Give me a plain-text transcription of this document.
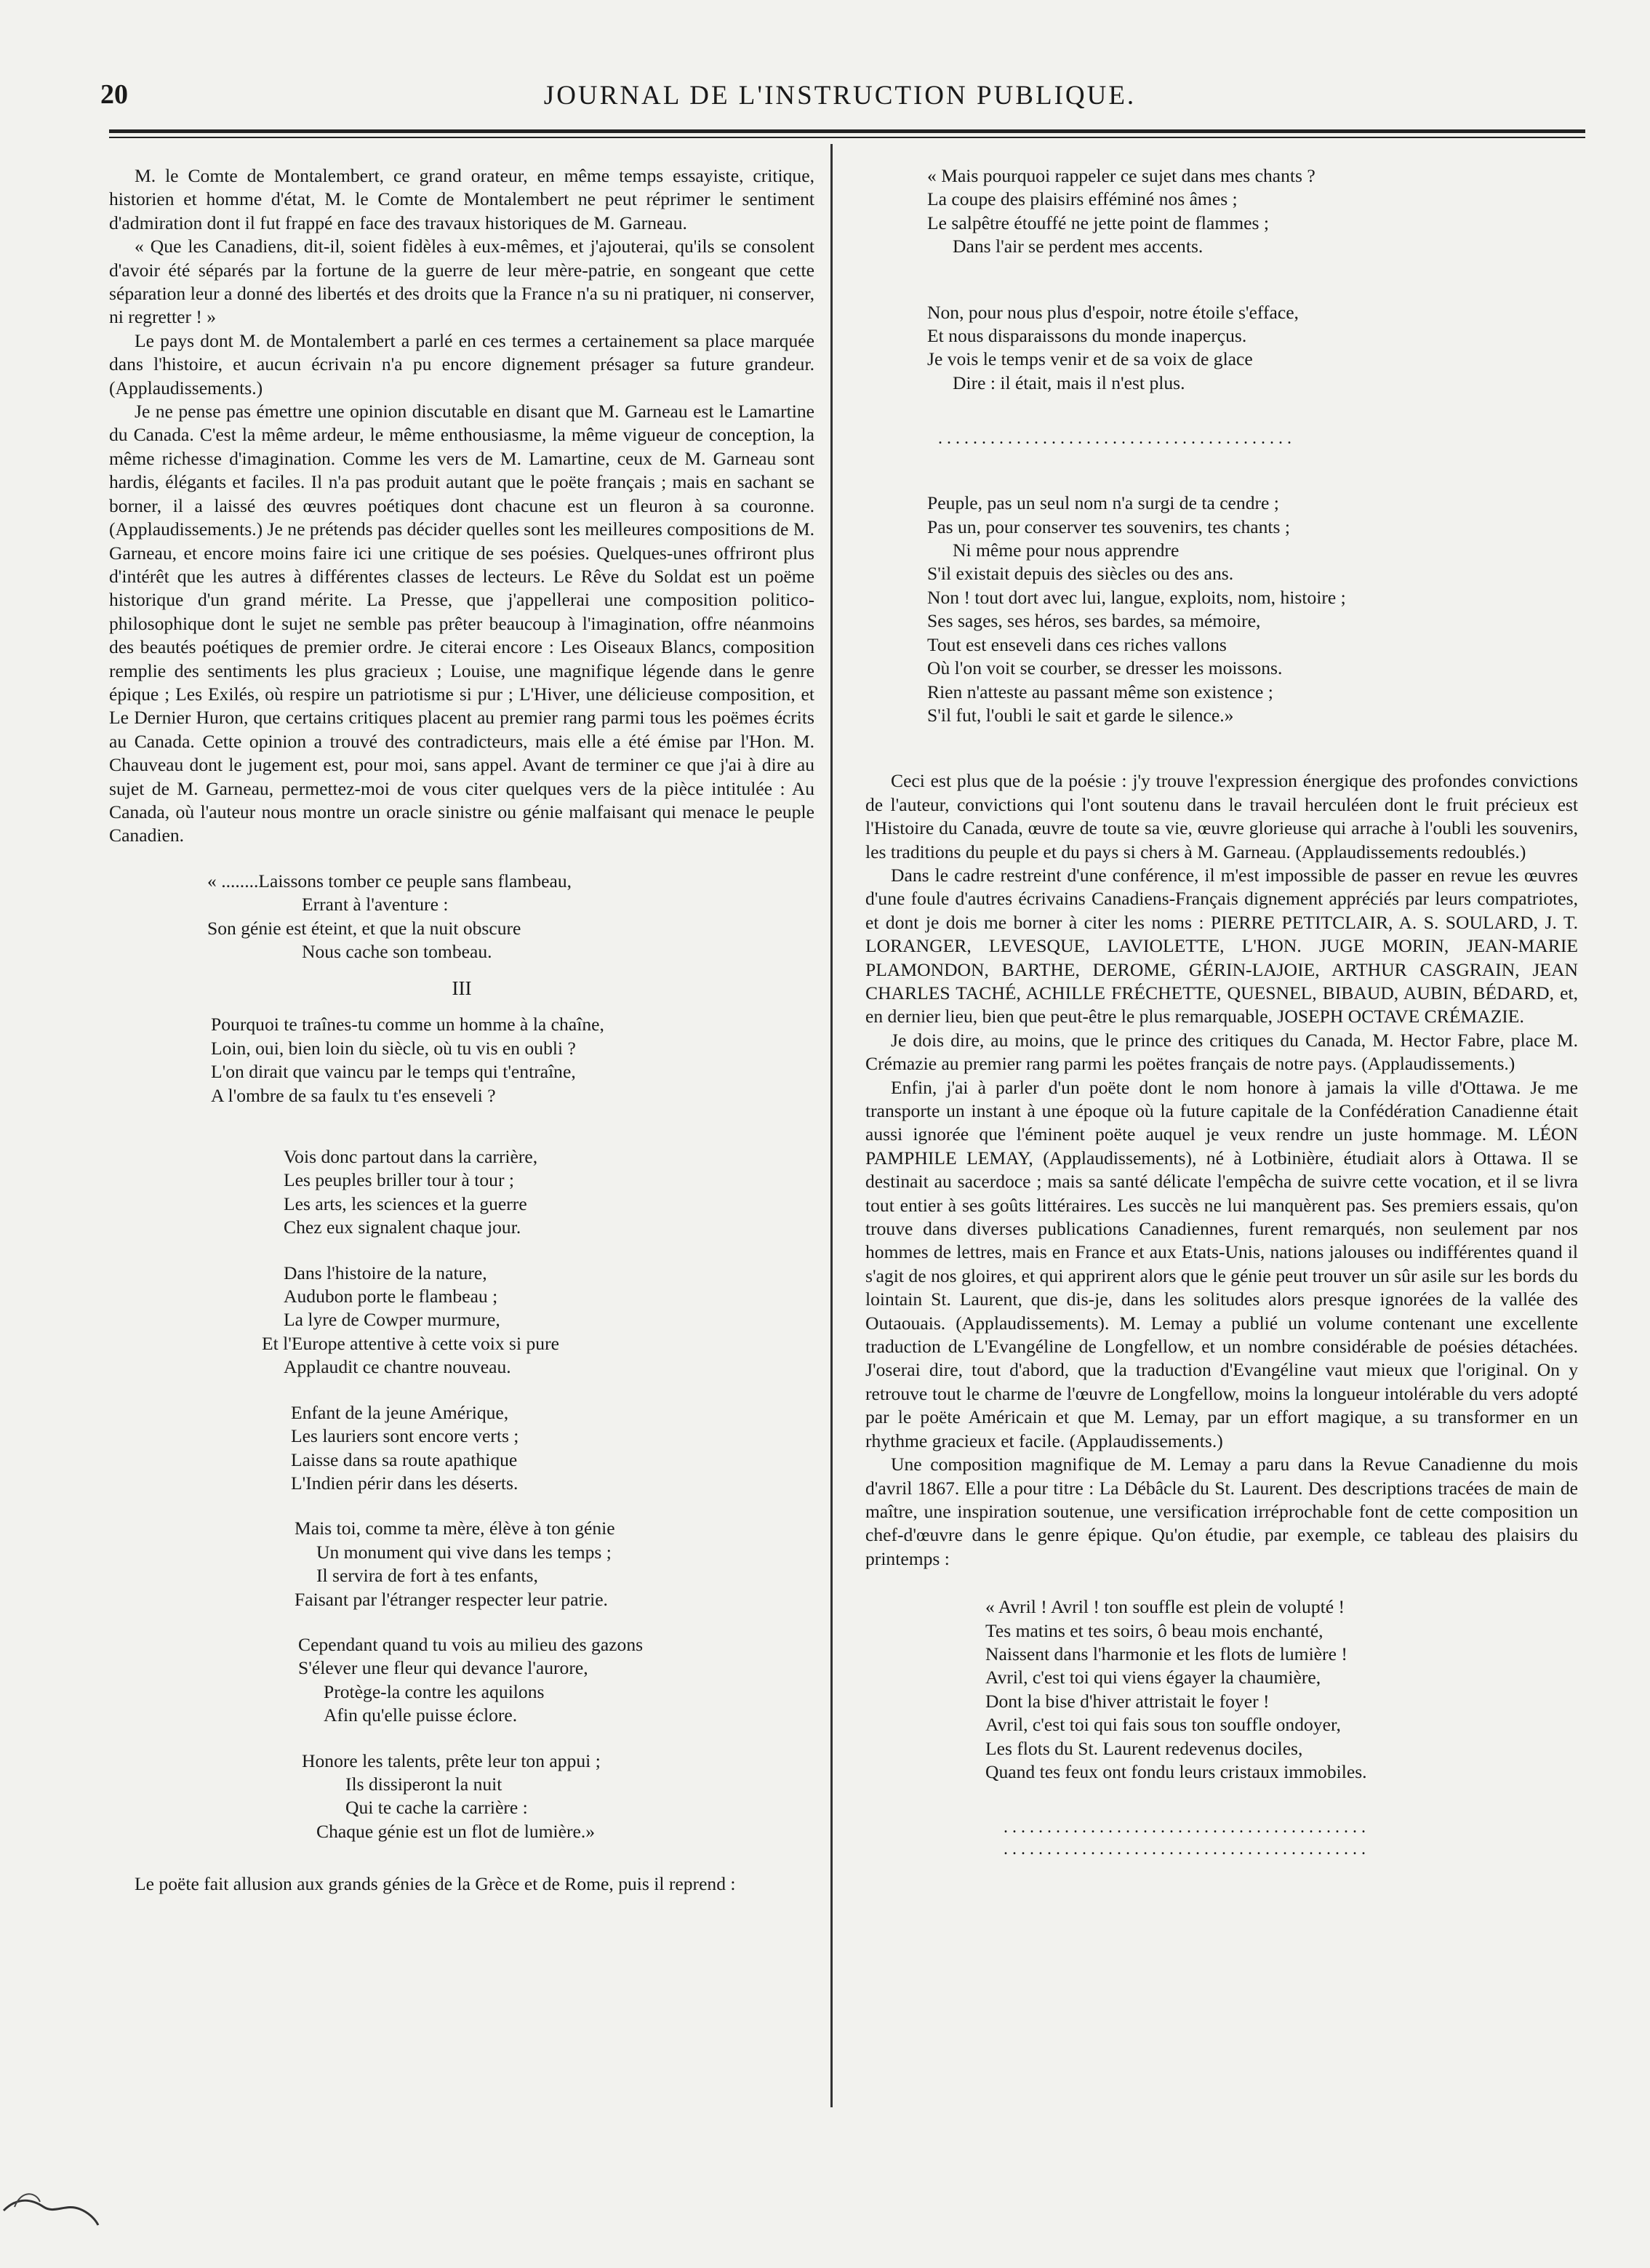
20	JOURNAL DE L'INSTRUCTION PUBLIQUE.

M. le Comte de Montalembert, ce grand orateur, en même temps essayiste, critique, historien et homme d'état, M. le Comte de Montalembert ne peut réprimer le sentiment d'admiration dont il fut frappé en face des travaux historiques de M. Garneau.

« Que les Canadiens, dit-il, soient fidèles à eux-mêmes, et j'ajouterai, qu'ils se consolent d'avoir été séparés par la fortune de la guerre de leur mère-patrie, en songeant que cette séparation leur a donné des libertés et des droits que la France n'a su ni pratiquer, ni conserver, ni regretter ! »

Le pays dont M. de Montalembert a parlé en ces termes a certainement sa place marquée dans l'histoire, et aucun écrivain n'a pu encore dignement présager sa future grandeur. (Applaudissements.)

Je ne pense pas émettre une opinion discutable en disant que M. Garneau est le Lamartine du Canada. C'est la même ardeur, le même enthousiasme, la même vigueur de conception, la même richesse d'imagination. Comme les vers de M. Lamartine, ceux de M. Garneau sont hardis, élégants et faciles. Il n'a pas produit autant que le poëte français ; mais en sachant se borner, il a laissé des œuvres poétiques dont chacune est un fleuron à sa couronne. (Applaudissements.) Je ne prétends pas décider quelles sont les meilleures compositions de M. Garneau, et encore moins faire ici une critique de ses poésies. Quelques-unes offriront plus d'intérêt que les autres à différentes classes de lecteurs. Le Rêve du Soldat est un poëme historique d'un grand mérite. La Presse, que j'appellerai une composition politico-philosophique dont le sujet ne semble pas prêter beaucoup à l'imagination, offre néanmoins des beautés poétiques de premier ordre. Je citerai encore : Les Oiseaux Blancs, composition remplie des sentiments les plus gracieux ; Louise, une magnifique légende dans le genre épique ; Les Exilés, où respire un patriotisme si pur ; L'Hiver, une délicieuse composition, et Le Dernier Huron, que certains critiques placent au premier rang parmi tous les poëmes écrits au Canada. Cette opinion a trouvé des contradicteurs, mais elle a été émise par l'Hon. M. Chauveau dont le jugement est, pour moi, sans appel. Avant de terminer ce que j'ai à dire au sujet de M. Garneau, permettez-moi de vous citer quelques vers de la pièce intitulée : Au Canada, où l'auteur nous montre un oracle sinistre ou génie malfaisant qui menace le peuple Canadien.

« ........Laissons tomber ce peuple sans flambeau,
Errant à l'aventure :
Son génie est éteint, et que la nuit obscure
Nous cache son tombeau.
III
Pourquoi te traînes-tu comme un homme à la chaîne,
Loin, oui, bien loin du siècle, où tu vis en oubli ?
L'on dirait que vaincu par le temps qui t'entraîne,
A l'ombre de sa faulx tu t'es enseveli ?
Vois donc partout dans la carrière,
Les peuples briller tour à tour ;
Les arts, les sciences et la guerre
Chez eux signalent chaque jour.
Dans l'histoire de la nature,
Audubon porte le flambeau ;
La lyre de Cowper murmure,
Et l'Europe attentive à cette voix si pure
Applaudit ce chantre nouveau.
Enfant de la jeune Amérique,
Les lauriers sont encore verts ;
Laisse dans sa route apathique
L'Indien périr dans les déserts.
Mais toi, comme ta mère, élève à ton génie
Un monument qui vive dans les temps ;
Il servira de fort à tes enfants,
Faisant par l'étranger respecter leur patrie.
Cependant quand tu vois au milieu des gazons
S'élever une fleur qui devance l'aurore,
Protège-la contre les aquilons
Afin qu'elle puisse éclore.
Honore les talents, prête leur ton appui ;
Ils dissiperont la nuit
Qui te cache la carrière :
Chaque génie est un flot de lumière.»

Le poëte fait allusion aux grands génies de la Grèce et de Rome, puis il reprend :

« Mais pourquoi rappeler ce sujet dans mes chants ?
La coupe des plaisirs efféminé nos âmes ;
Le salpêtre étouffé ne jette point de flammes ;
Dans l'air se perdent mes accents.
Non, pour nous plus d'espoir, notre étoile s'efface,
Et nous disparaissons du monde inaperçus.
Je vois le temps venir et de sa voix de glace
Dire : il était, mais il n'est plus.
.........................................
Peuple, pas un seul nom n'a surgi de ta cendre ;
Pas un, pour conserver tes souvenirs, tes chants ;
Ni même pour nous apprendre
S'il existait depuis des siècles ou des ans.
Non ! tout dort avec lui, langue, exploits, nom, histoire ;
Ses sages, ses héros, ses bardes, sa mémoire,
Tout est enseveli dans ces riches vallons
Où l'on voit se courber, se dresser les moissons.
Rien n'atteste au passant même son existence ;
S'il fut, l'oubli le sait et garde le silence.»

Ceci est plus que de la poésie : j'y trouve l'expression énergique des profondes convictions de l'auteur, convictions qui l'ont soutenu dans le travail herculéen dont le fruit précieux est l'Histoire du Canada, œuvre de toute sa vie, œuvre glorieuse qui arrache à l'oubli les souvenirs, les traditions du peuple et du pays si chers à M. Garneau. (Applaudissements redoublés.)

Dans le cadre restreint d'une conférence, il m'est impossible de passer en revue les œuvres d'une foule d'autres écrivains Canadiens-Français dignement appréciés par leurs compatriotes, et dont je dois me borner à citer les noms : PIERRE PETITCLAIR, A. S. SOULARD, J. T. LORANGER, LEVESQUE, LAVIOLETTE, L'HON. JUGE MORIN, JEAN-MARIE PLAMONDON, BARTHE, DEROME, GÉRIN-LAJOIE, ARTHUR CASGRAIN, JEAN CHARLES TACHÉ, ACHILLE FRÉCHETTE, QUESNEL, BIBAUD, AUBIN, BÉDARD, et, en dernier lieu, bien que peut-être le plus remarquable, JOSEPH OCTAVE CRÉMAZIE.

Je dois dire, au moins, que le prince des critiques du Canada, M. Hector Fabre, place M. Crémazie au premier rang parmi les poëtes français de notre pays. (Applaudissements.)

Enfin, j'ai à parler d'un poëte dont le nom honore à jamais la ville d'Ottawa. Je me transporte un instant à une époque où la future capitale de la Confédération Canadienne était aussi ignorée que l'éminent poëte auquel je veux rendre un juste hommage. M. LÉON PAMPHILE LEMAY, (Applaudissements), né à Lotbinière, étudiait alors à Ottawa. Il se destinait au sacerdoce ; mais sa santé délicate l'empêcha de suivre cette vocation, et il se livra tout entier à ses goûts littéraires. Les succès ne lui manquèrent pas. Ses premiers essais, qu'on trouve dans diverses publications Canadiennes, furent remarqués, non seulement par nos hommes de lettres, mais en France et aux Etats-Unis, nations jalouses ou indifférentes quand il s'agit de nos gloires, et qui apprirent alors que le génie peut trouver un sûr asile sur les bords du lointain St. Laurent, que dis-je, dans les solitudes alors presque ignorées de la vallée des Outaouais. (Applaudissements). M. Lemay a publié un volume contenant une excellente traduction de L'Evangéline de Longfellow, et un nombre considérable de poésies détachées. J'oserai dire, tout d'abord, que la traduction d'Evangéline vaut mieux que l'original. On y retrouve tout le charme de l'œuvre de Longfellow, moins la longueur intolérable du vers adopté par le poëte Américain et que M. Lemay, par un effort magique, a su transformer en un rhythme gracieux et facile. (Applaudissements.)

Une composition magnifique de M. Lemay a paru dans la Revue Canadienne du mois d'avril 1867. Elle a pour titre : La Débâcle du St. Laurent. Des descriptions tracées de main de maître, une inspiration soutenue, une versification irréprochable font de cette composition un chef-d'œuvre dans le genre épique. Qu'on étudie, par exemple, ce tableau des plaisirs du printemps :

« Avril ! Avril ! ton souffle est plein de volupté !
Tes matins et tes soirs, ô beau mois enchanté,
Naissent dans l'harmonie et les flots de lumière !
Avril, c'est toi qui viens égayer la chaumière,
Dont la bise d'hiver attristait le foyer !
Avril, c'est toi qui fais sous ton souffle ondoyer,
Les flots du St. Laurent redevenus dociles,
Quand tes feux ont fondu leurs cristaux immobiles.
..........................................
..........................................
